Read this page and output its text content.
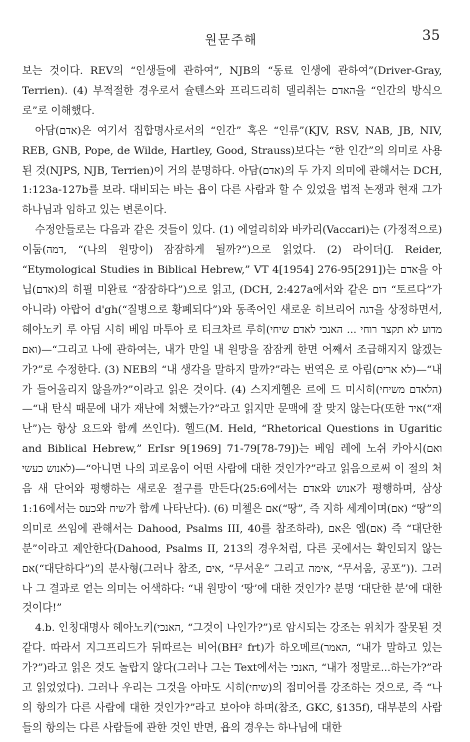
원문주해	35

보는 것이다. REV의 “인생들에 관하여”, NJB의 “동료 인생에 관하여”(Driver-Gray, Terrien). (4) 부적절한 경우로서 슐텐스와 프리드리히 델리취는 האדם을 “인간의 방식으로”로 이해했다.

아담(אדם)은 여기서 집합명사로서의 “인간” 혹은 “인류”(KJV, RSV, NAB, JB, NIV, REB, GNB, Pope, de Wilde, Hartley, Good, Strauss)보다는 “한 인간”의 의미로 사용된 것(NJPS, NJB, Terrien)이 거의 분명하다. 아담(אדם)의 두 가지 의미에 관해서는 DCH, 1:123a-127b를 보라. 대비되는 바는 욥이 다른 사람과 할 수 있었을 법적 논쟁과 현재 그가 하나님과 임하고 있는 변론이다.

수정안들로는 다음과 같은 것들이 있다. (1) 에얼리히와 바카리(Vaccari)는 (가정적으로) 이둠(דמה, “(나의 원망이) 잠잠하게 될까?”)으로 읽었다. (2) 라이더(J. Reider, “Etymological Studies in Biblical Hebrew,” VT 4[1954] 276-95[291])는 אדם을 아닙(אדם)의 히필 미완료 “잠잠하다”)으로 읽고, (DCH, 2:427a에서와 같은 דום “토르다”가 아니라) 아랍어 d'gh(“질병으로 황폐되다”)와 동족어인 새로운 히브리어 דגה을 상정하면서, 헤아노키 루 아딤 시히 베임 마투아 로 티크차르 루히(מדוע לא תקצר רוחי ... האנכי לאדם שיחי ואם)—“그리고 나에 관하여는, 내가 만일 내 원망을 잠잠케 한면 어째서 조급해지지 않겠는가?”로 수정한다. (3) NEB의 “내 생각을 말하지 말까?”라는 번역은 로 아림(לא ארים)—“내가 들어올리지 않을까?”이라고 읽은 것이다. (4) 스지게헬은 르에 드 미시히(הלאדם משיחי)—“내 탄식 때문에 내가 재난에 처했는가?”라고 읽지만 문맥에 잘 맞지 않는다(또한 איד(“재난”)는 항상 요드와 함께 쓰인다). 헬드(M. Held, “Rhetorical Questions in Ugaritic and Biblical Hebrew,” ErIsr 9[1969] 71-79[78-79])는 베임 레에 노쉬 카아시(ואם לאנוש כעשי)—“아니면 나의 괴로움이 어떤 사람에 대한 것인가?”라고 읽음으로써 이 절의 처음 새 단어와 평행하는 새로운 절구를 만든다(25:6에서는 אדם와 אנוש가 평행하며, 삼상 1:16에서는 כעס와 שיח가 함께 나타난다). (6) 미첼은 אם(“땅”, 즉 지하 세계이며(אם) “땅”의 의미로 쓰임에 관해서는 Dahood, Psalms III, 40를 참조하라), אם은 엠(אם) 즉 “대단한 분”이라고 제안한다(Dahood, Psalms II, 213의 경우처럼, 다른 곳에서는 확인되지 않는 אם(“대단하다”)의 분사형(그러나 참조, אים, “무서운” 그리고 אימה, “무서움, 공포”)). 그러나 그 결과로 얻는 의미는 어색하다: “내 원망이 ‘땅’에 대한 것인가? 분명 ‘대단한 분’에 대한 것이다!”

4.b. 인칭대명사 헤아노키(האנכי, “그것이 나인가?”)로 암시되는 강조는 위치가 잘못된 것 같다. 따라서 지그프리드가 뒤따르는 비어(BH² frt)가 하오메르(האמר, “내가 말하고 있는가?”)라고 읽은 것도 놀랍지 않다(그러나 그는 Text에서는 האנכי, “내가 정말로...하는가?”라고 읽었었다). 그러나 우리는 그것을 아마도 시히(שיחי)의 접미어를 강조하는 것으로, 즉 “나의 항의가 다른 사람에 대한 것인가?”라고 보아야 하며(참조, GKC, §135f), 대부분의 사람들의 항의는 다른 사람들에 관한 것인 반면, 욥의 경우는 하나님에 대한
